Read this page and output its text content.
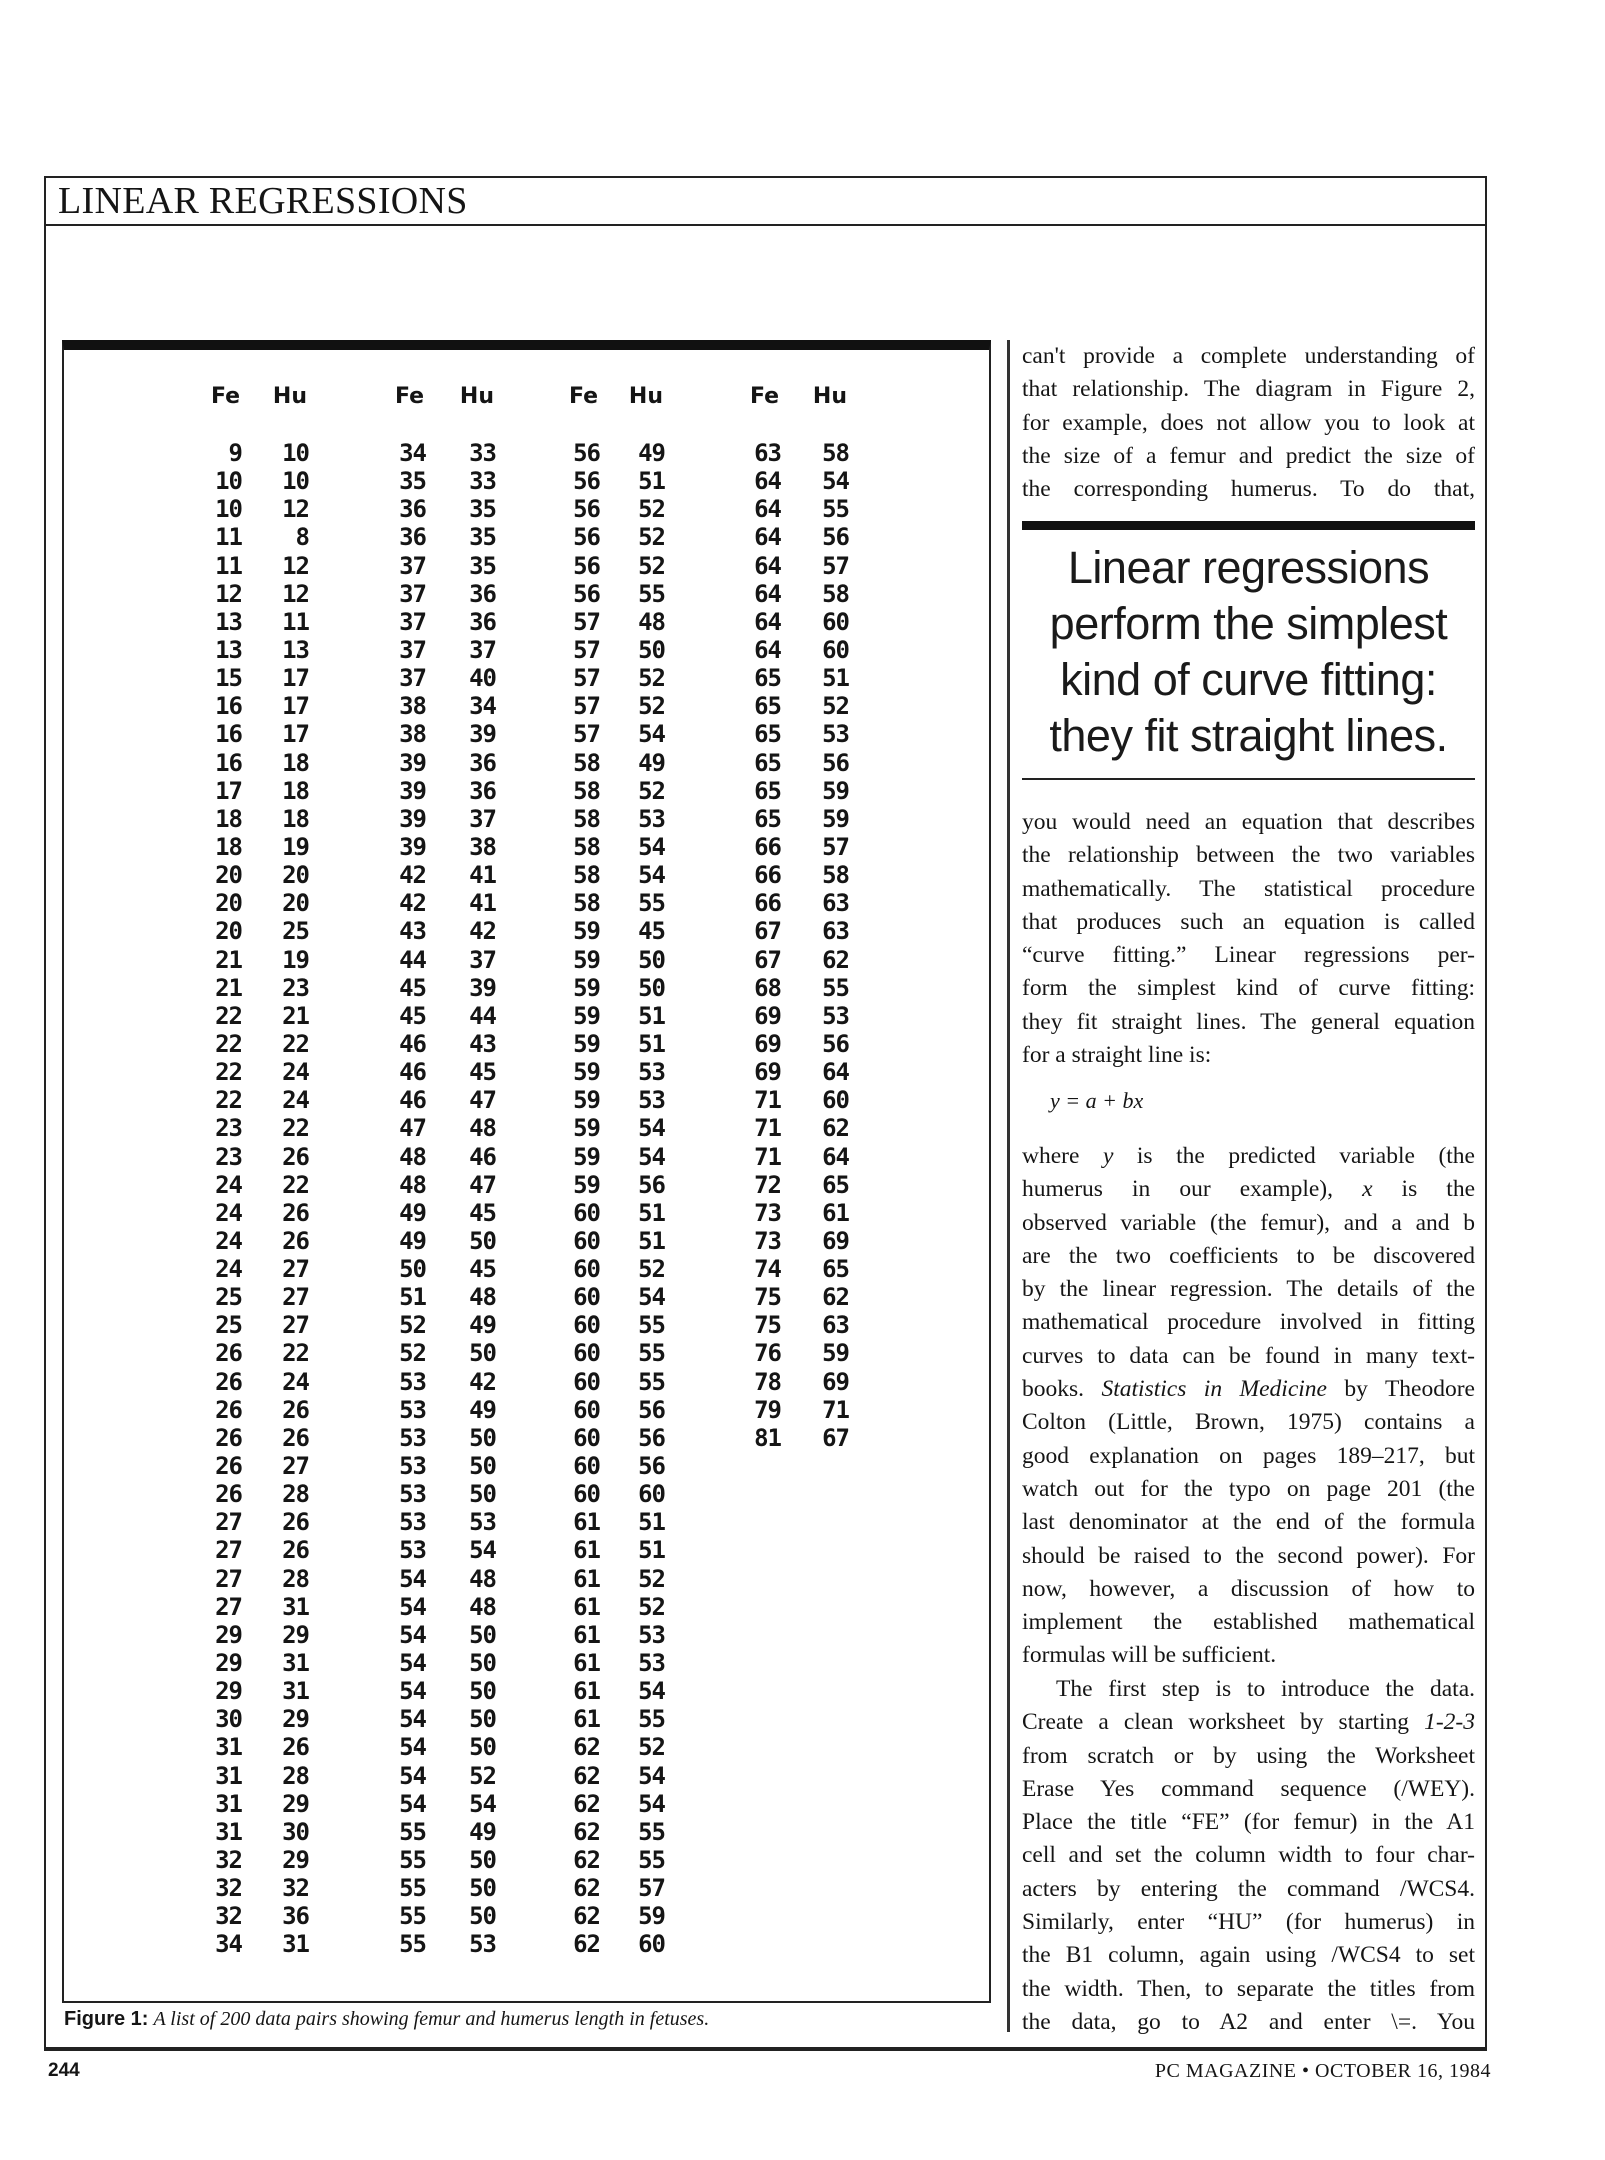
LINEAR REGRESSIONS
Fe	Hu
9	10
10	10
10	12
11	8
11	12
12	12
13	11
13	13
15	17
16	17
16	17
16	18
17	18
18	18
18	19
20	20
20	20
20	25
21	19
21	23
22	21
22	22
22	24
22	24
23	22
23	26
24	22
24	26
24	26
24	27
25	27
25	27
26	22
26	24
26	26
26	26
26	27
26	28
27	26
27	26
27	28
27	31
29	29
29	31
29	31
30	29
31	26
31	28
31	29
31	30
32	29
32	32
32	36
34	31
Fe	Hu
34	33
35	33
36	35
36	35
37	35
37	36
37	36
37	37
37	40
38	34
38	39
39	36
39	36
39	37
39	38
42	41
42	41
43	42
44	37
45	39
45	44
46	43
46	45
46	47
47	48
48	46
48	47
49	45
49	50
50	45
51	48
52	49
52	50
53	42
53	49
53	50
53	50
53	50
53	53
53	54
54	48
54	48
54	50
54	50
54	50
54	50
54	50
54	52
54	54
55	49
55	50
55	50
55	50
55	53
Fe	Hu
56	49
56	51
56	52
56	52
56	52
56	55
57	48
57	50
57	52
57	52
57	54
58	49
58	52
58	53
58	54
58	54
58	55
59	45
59	50
59	50
59	51
59	51
59	53
59	53
59	54
59	54
59	56
60	51
60	51
60	52
60	54
60	55
60	55
60	55
60	56
60	56
60	56
60	60
61	51
61	51
61	52
61	52
61	53
61	53
61	54
61	55
62	52
62	54
62	54
62	55
62	55
62	57
62	59
62	60
Fe	Hu
63	58
64	54
64	55
64	56
64	57
64	58
64	60
64	60
65	51
65	52
65	53
65	56
65	59
65	59
66	57
66	58
66	63
67	63
67	62
68	55
69	53
69	56
69	64
71	60
71	62
71	64
72	65
73	61
73	69
74	65
75	62
75	63
76	59
78	69
79	71
81	67
Figure 1: A list of 200 data pairs showing femur and humerus length in fetuses.
can't provide a complete understanding of
that relationship. The diagram in Figure 2,
for example, does not allow you to look at
the size of a femur and predict the size of
the corresponding humerus. To do that,
Linear regressions
perform the simplest
kind of curve fitting:
they fit straight lines.
you would need an equation that describes
the relationship between the two variables
mathematically. The statistical procedure
that produces such an equation is called
“curve fitting.” Linear regressions per-
form the simplest kind of curve fitting:
they fit straight lines. The general equation
for a straight line is:
y = a + bx
where y is the predicted variable (the
humerus in our example), x is the
observed variable (the femur), and a and b
are the two coefficients to be discovered
by the linear regression. The details of the
mathematical procedure involved in fitting
curves to data can be found in many text-
books. Statistics in Medicine by Theodore
Colton (Little, Brown, 1975) contains a
good explanation on pages 189–217, but
watch out for the typo on page 201 (the
last denominator at the end of the formula
should be raised to the second power). For
now, however, a discussion of how to
implement the established mathematical
formulas will be sufficient.
The first step is to introduce the data.
Create a clean worksheet by starting 1-2-3
from scratch or by using the Worksheet
Erase Yes command sequence (/WEY).
Place the title “FE” (for femur) in the A1
cell and set the column width to four char-
acters by entering the command /WCS4.
Similarly, enter “HU” (for humerus) in
the B1 column, again using /WCS4 to set
the width. Then, to separate the titles from
the data, go to A2 and enter \=. You
244	PC MAGAZINE • OCTOBER 16, 1984
